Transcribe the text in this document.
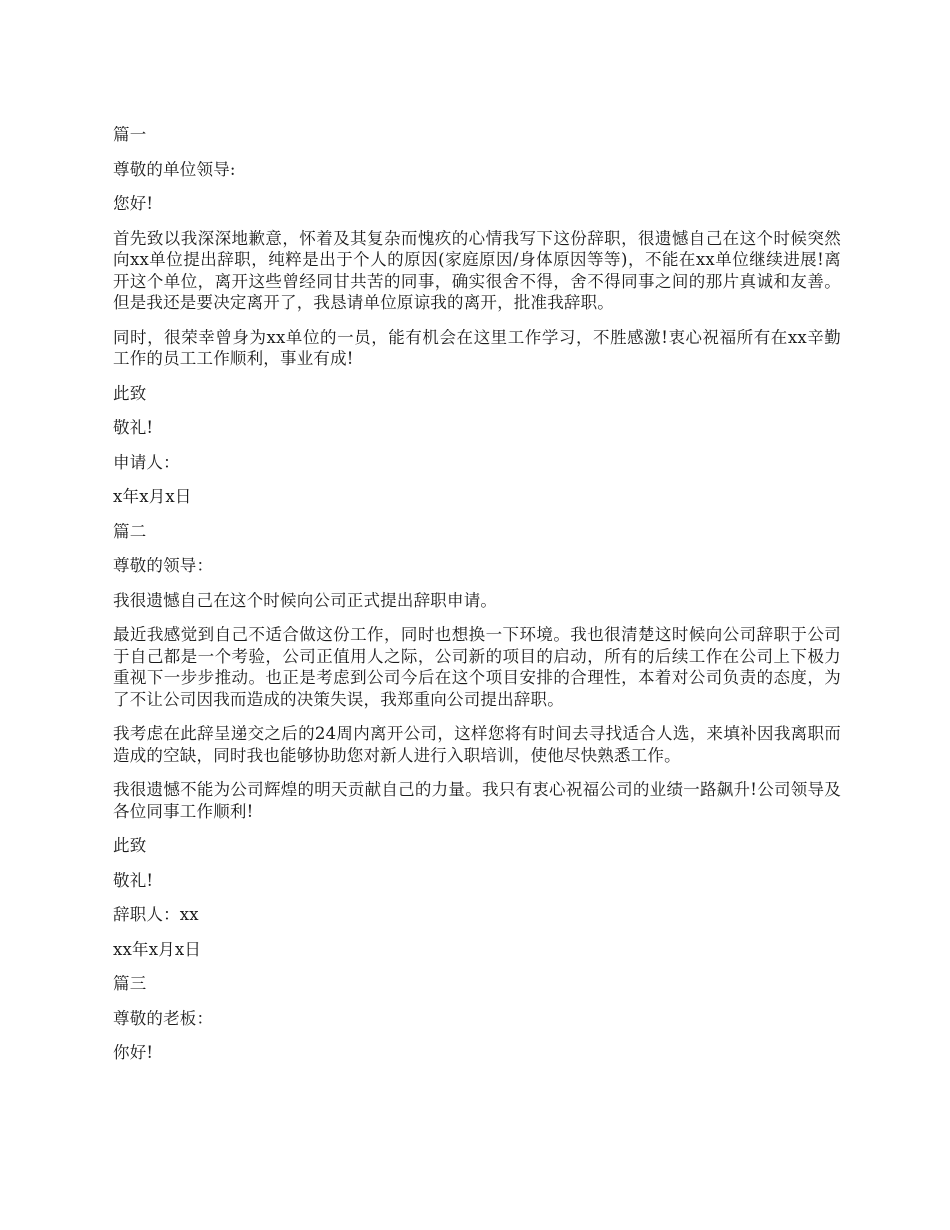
篇一

尊敬的单位领导:

您好!

首先致以我深深地歉意，怀着及其复杂而愧疚的心情我写下这份辞职，很遗憾自己在这个时候突然向xx单位提出辞职，纯粹是出于个人的原因(家庭原因/身体原因等等)，不能在xx单位继续进展!离开这个单位，离开这些曾经同甘共苦的同事，确实很舍不得，舍不得同事之间的那片真诚和友善。 但是我还是要决定离开了，我恳请单位原谅我的离开，批准我辞职。

同时，很荣幸曾身为xx单位的一员，能有机会在这里工作学习，不胜感激!衷心祝福所有在xx辛勤工作的员工工作顺利，事业有成!

此致

敬礼!

申请人：

x年x月x日

篇二

尊敬的领导：

我很遗憾自己在这个时候向公司正式提出辞职申请。

最近我感觉到自己不适合做这份工作，同时也想换一下环境。我也很清楚这时候向公司辞职于公司于自己都是一个考验，公司正值用人之际，公司新的项目的启动，所有的后续工作在公司上下极力重视下一步步推动。也正是考虑到公司今后在这个项目安排的合理性，本着对公司负责的态度，为了不让公司因我而造成的决策失误，我郑重向公司提出辞职。

我考虑在此辞呈递交之后的24周内离开公司，这样您将有时间去寻找适合人选，来填补因我离职而造成的空缺，同时我也能够协助您对新人进行入职培训，使他尽快熟悉工作。

我很遗憾不能为公司辉煌的明天贡献自己的力量。我只有衷心祝福公司的业绩一路飙升!公司领导及各位同事工作顺利!

此致

敬礼!

辞职人：xx

xx年x月x日

篇三

尊敬的老板：

你好!
